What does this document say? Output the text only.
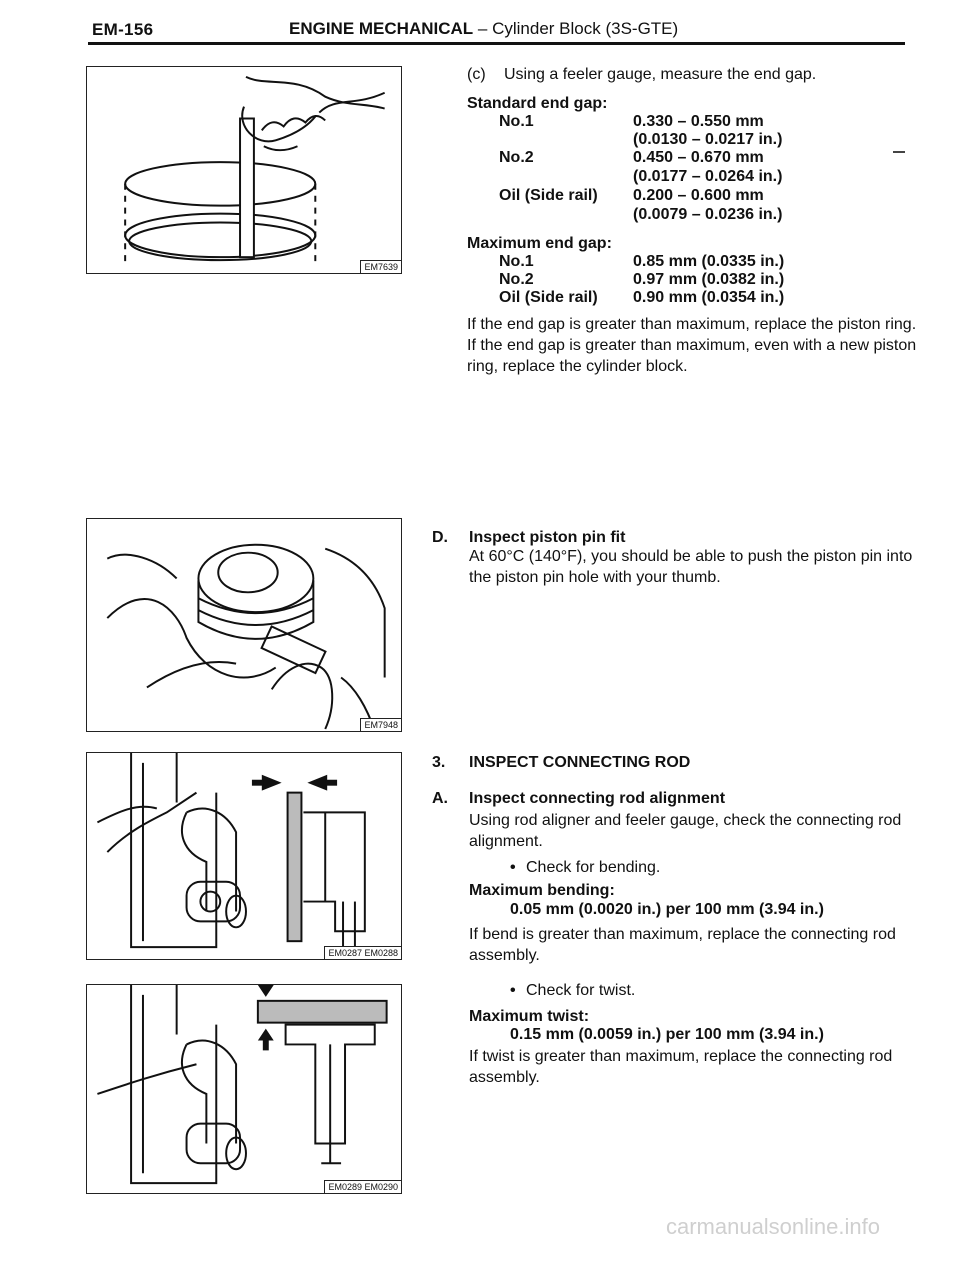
EM-156	ENGINE MECHANICAL – Cylinder Block (3S-GTE)
EM7639
EM7948
EM0287 EM0288
EM0289 EM0290
(c) Using a feeler gauge, measure the end gap.
Standard end gap:
No.1	0.330 – 0.550 mm
(0.0130 – 0.0217 in.)
No.2	0.450 – 0.670 mm
(0.0177 – 0.0264 in.)
Oil (Side rail) 0.200 – 0.600 mm
(0.0079 – 0.0236 in.)
Maximum end gap:
No.1	0.85 mm (0.0335 in.)
No.2	0.97 mm (0.0382 in.)
Oil (Side rail) 0.90 mm (0.0354 in.)
If the end gap is greater than maximum, replace the piston ring. If the end gap is greater than maximum, even with a new piston ring, replace the cylinder block.
D. Inspect piston pin fit
At 60°C (140°F), you should be able to push the piston pin into the piston pin hole with your thumb.
3. INSPECT CONNECTING ROD
A. Inspect connecting rod alignment
Using rod aligner and feeler gauge, check the connecting rod alignment.
• Check for bending.
Maximum bending:
0.05 mm (0.0020 in.) per 100 mm (3.94 in.)
If bend is greater than maximum, replace the connecting rod assembly.
• Check for twist.
Maximum twist:
0.15 mm (0.0059 in.) per 100 mm (3.94 in.)
If twist is greater than maximum, replace the connecting rod assembly.
carmanualsonline.info
